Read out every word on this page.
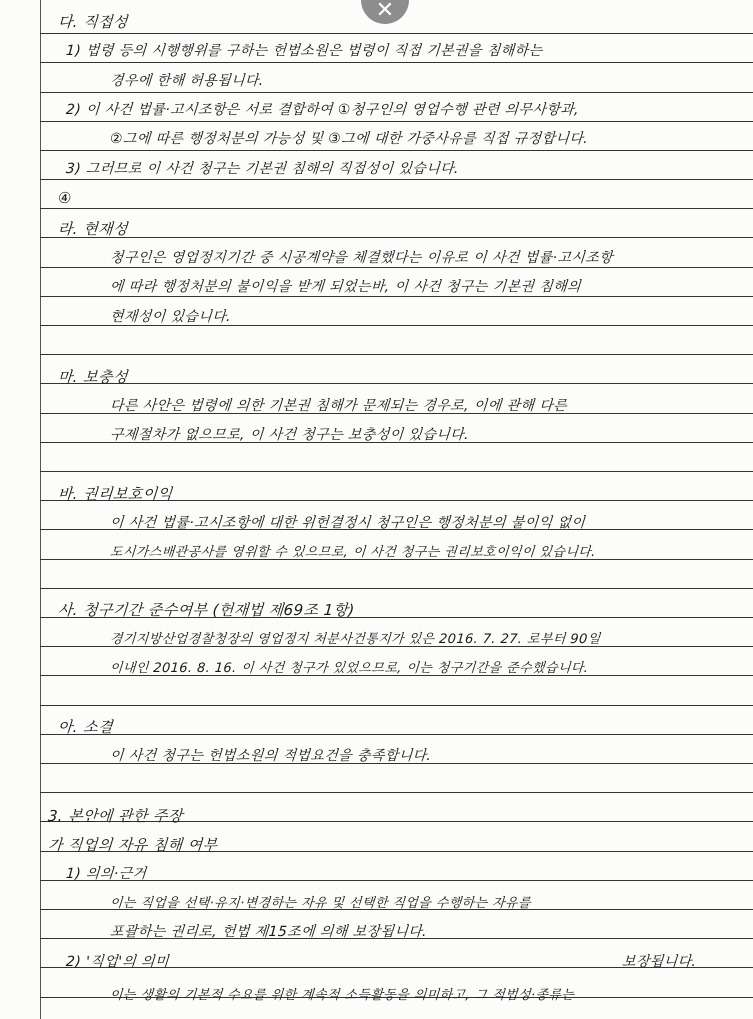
다. 직접성
1) 법령 등의 시행행위를 구하는 헌법소원은 법령이 직접 기본권을 침해하는
경우에 한해 허용됩니다.
2) 이 사건 법률·고시조항은 서로 결합하여 ①청구인의 영업수행 관련 의무사항과,
②그에 따른 행정처분의 가능성 및 ③그에 대한 가중사유를 직접 규정합니다.
3) 그러므로 이 사건 청구는 기본권 침해의 직접성이 있습니다.
④
라. 현재성
청구인은 영업정지기간 중 시공계약을 체결했다는 이유로 이 사건 법률·고시조항
에 따라 행정처분의 불이익을 받게 되었는바, 이 사건 청구는 기본권 침해의
현재성이 있습니다.
마. 보충성
다른 사안은 법령에 의한 기본권 침해가 문제되는 경우로, 이에 관해 다른
구제절차가 없으므로, 이 사건 청구는 보충성이 있습니다.
바. 권리보호이익
이 사건 법률·고시조항에 대한 위헌결정시 청구인은 행정처분의 불이익 없이
도시가스배관공사를 영위할 수 있으므로, 이 사건 청구는 권리보호이익이 있습니다.
사. 청구기간 준수여부 (헌재법 제69조 1항)
경기지방산업경찰청장의 영업정지 처분사건통지가 있은 2016. 7. 27. 로부터 90일
이내인 2016. 8. 16. 이 사건 청구가 있었으므로, 이는 청구기간을 준수했습니다.
아. 소결
이 사건 청구는 헌법소원의 적법요건을 충족합니다.
3. 본안에 관한 주장
가 직업의 자유 침해 여부
1) 의의·근거
이는 직업을 선택·유지·변경하는 자유 및 선택한 직업을 수행하는 자유를
포괄하는 권리로, 헌법 제15조에 의해 보장됩니다.
2) '직업'의 의미	보장됩니다.
이는 생활의 기본적 수요를 위한 계속적 소득활동을 의미하고, 그 적법성·종류는
✕
